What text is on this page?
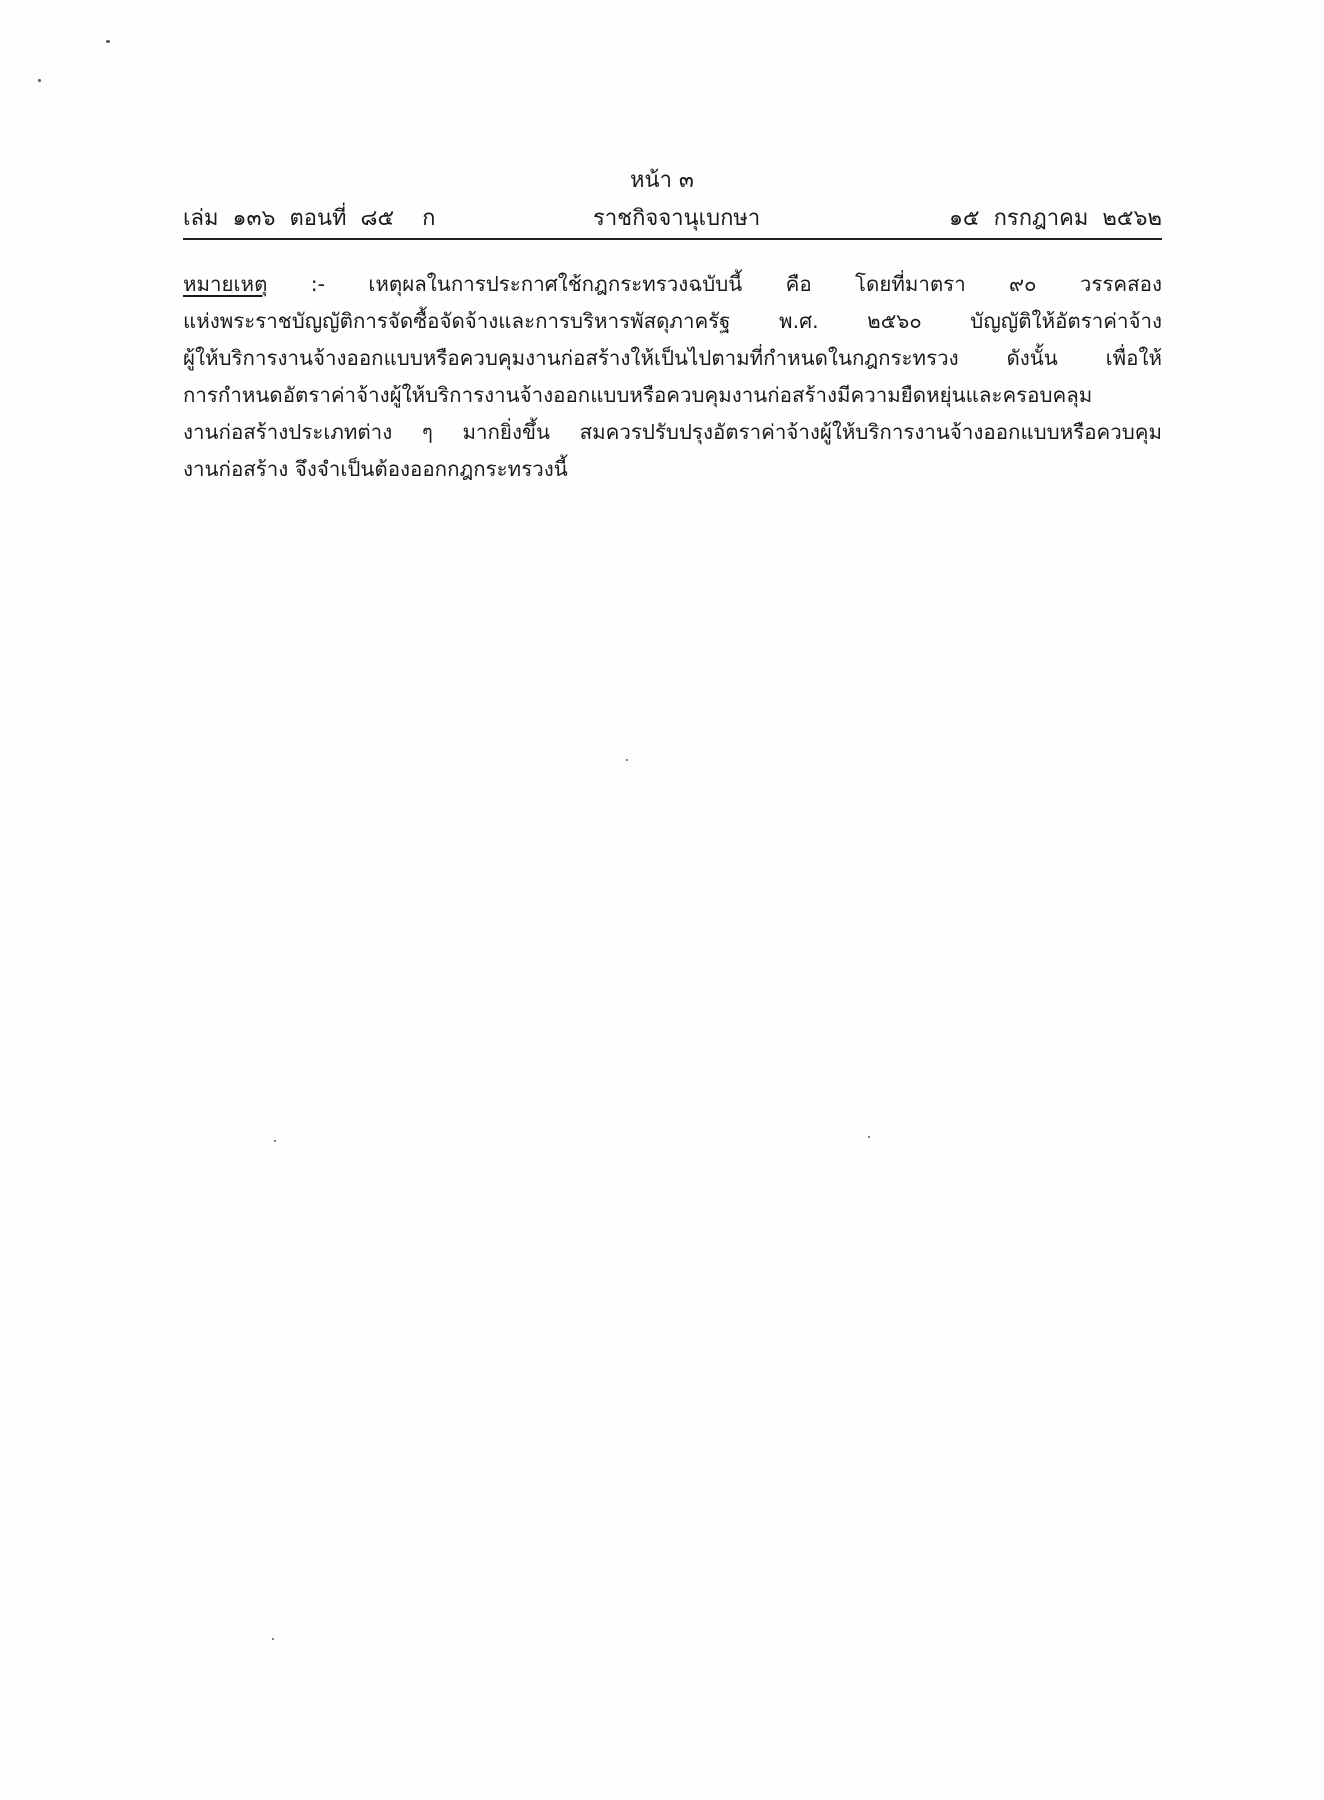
หน้า ๓
เล่ม ๑๓๖ ตอนที่ ๘๕ ก	ราชกิจจานุเบกษา	๑๕ กรกฎาคม ๒๕๖๒
หมายเหตุ :- เหตุผลในการประกาศใช้กฎกระทรวงฉบับนี้ คือ โดยที่มาตรา ๙๐ วรรคสอง
แห่งพระราชบัญญัติการจัดซื้อจัดจ้างและการบริหารพัสดุภาครัฐ พ.ศ. ๒๕๖๐ บัญญัติให้อัตราค่าจ้าง
ผู้ให้บริการงานจ้างออกแบบหรือควบคุมงานก่อสร้างให้เป็นไปตามที่กำหนดในกฎกระทรวง ดังนั้น เพื่อให้
การกำหนดอัตราค่าจ้างผู้ให้บริการงานจ้างออกแบบหรือควบคุมงานก่อสร้างมีความยืดหยุ่นและครอบคลุม
งานก่อสร้างประเภทต่าง ๆ มากยิ่งขึ้น สมควรปรับปรุงอัตราค่าจ้างผู้ให้บริการงานจ้างออกแบบหรือควบคุม
งานก่อสร้าง จึงจำเป็นต้องออกกฎกระทรวงนี้
